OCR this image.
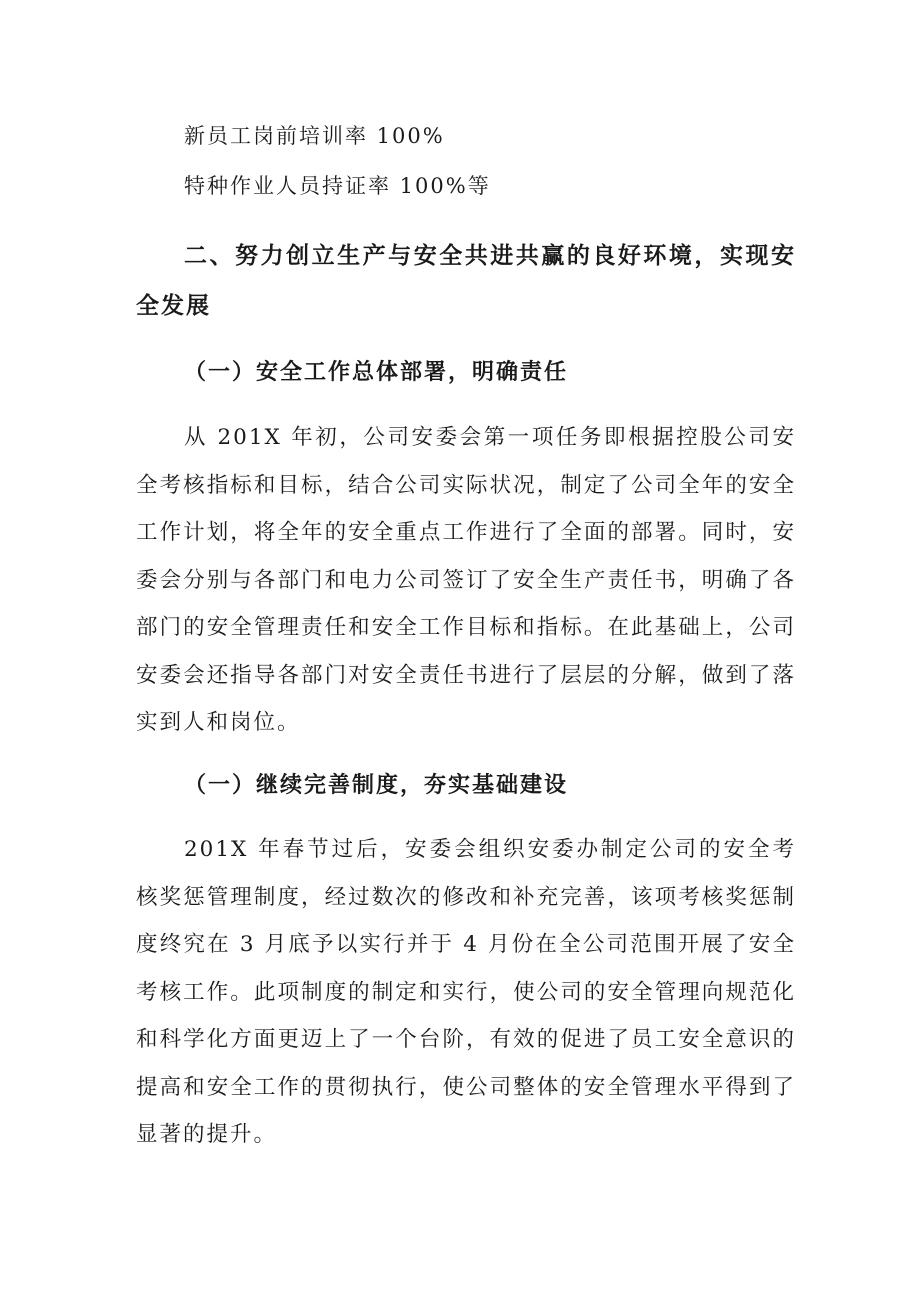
新员工岗前培训率 100%
特种作业人员持证率 100%等
二、努力创立生产与安全共进共赢的良好环境，实现安全发展
（一）安全工作总体部署，明确责任

从 201X 年初，公司安委会第一项任务即根据控股公司安全考核指标和目标，结合公司实际状况，制定了公司全年的安全工作计划，将全年的安全重点工作进行了全面的部署。同时，安委会分别与各部门和电力公司签订了安全生产责任书，明确了各部门的安全管理责任和安全工作目标和指标。在此基础上，公司安委会还指导各部门对安全责任书进行了层层的分解，做到了落实到人和岗位。

（一）继续完善制度，夯实基础建设

201X 年春节过后，安委会组织安委办制定公司的安全考核奖惩管理制度，经过数次的修改和补充完善，该项考核奖惩制度终究在 3 月底予以实行并于 4 月份在全公司范围开展了安全考核工作。此项制度的制定和实行，使公司的安全管理向规范化和科学化方面更迈上了一个台阶，有效的促进了员工安全意识的提高和安全工作的贯彻执行，使公司整体的安全管理水平得到了显著的提升。
